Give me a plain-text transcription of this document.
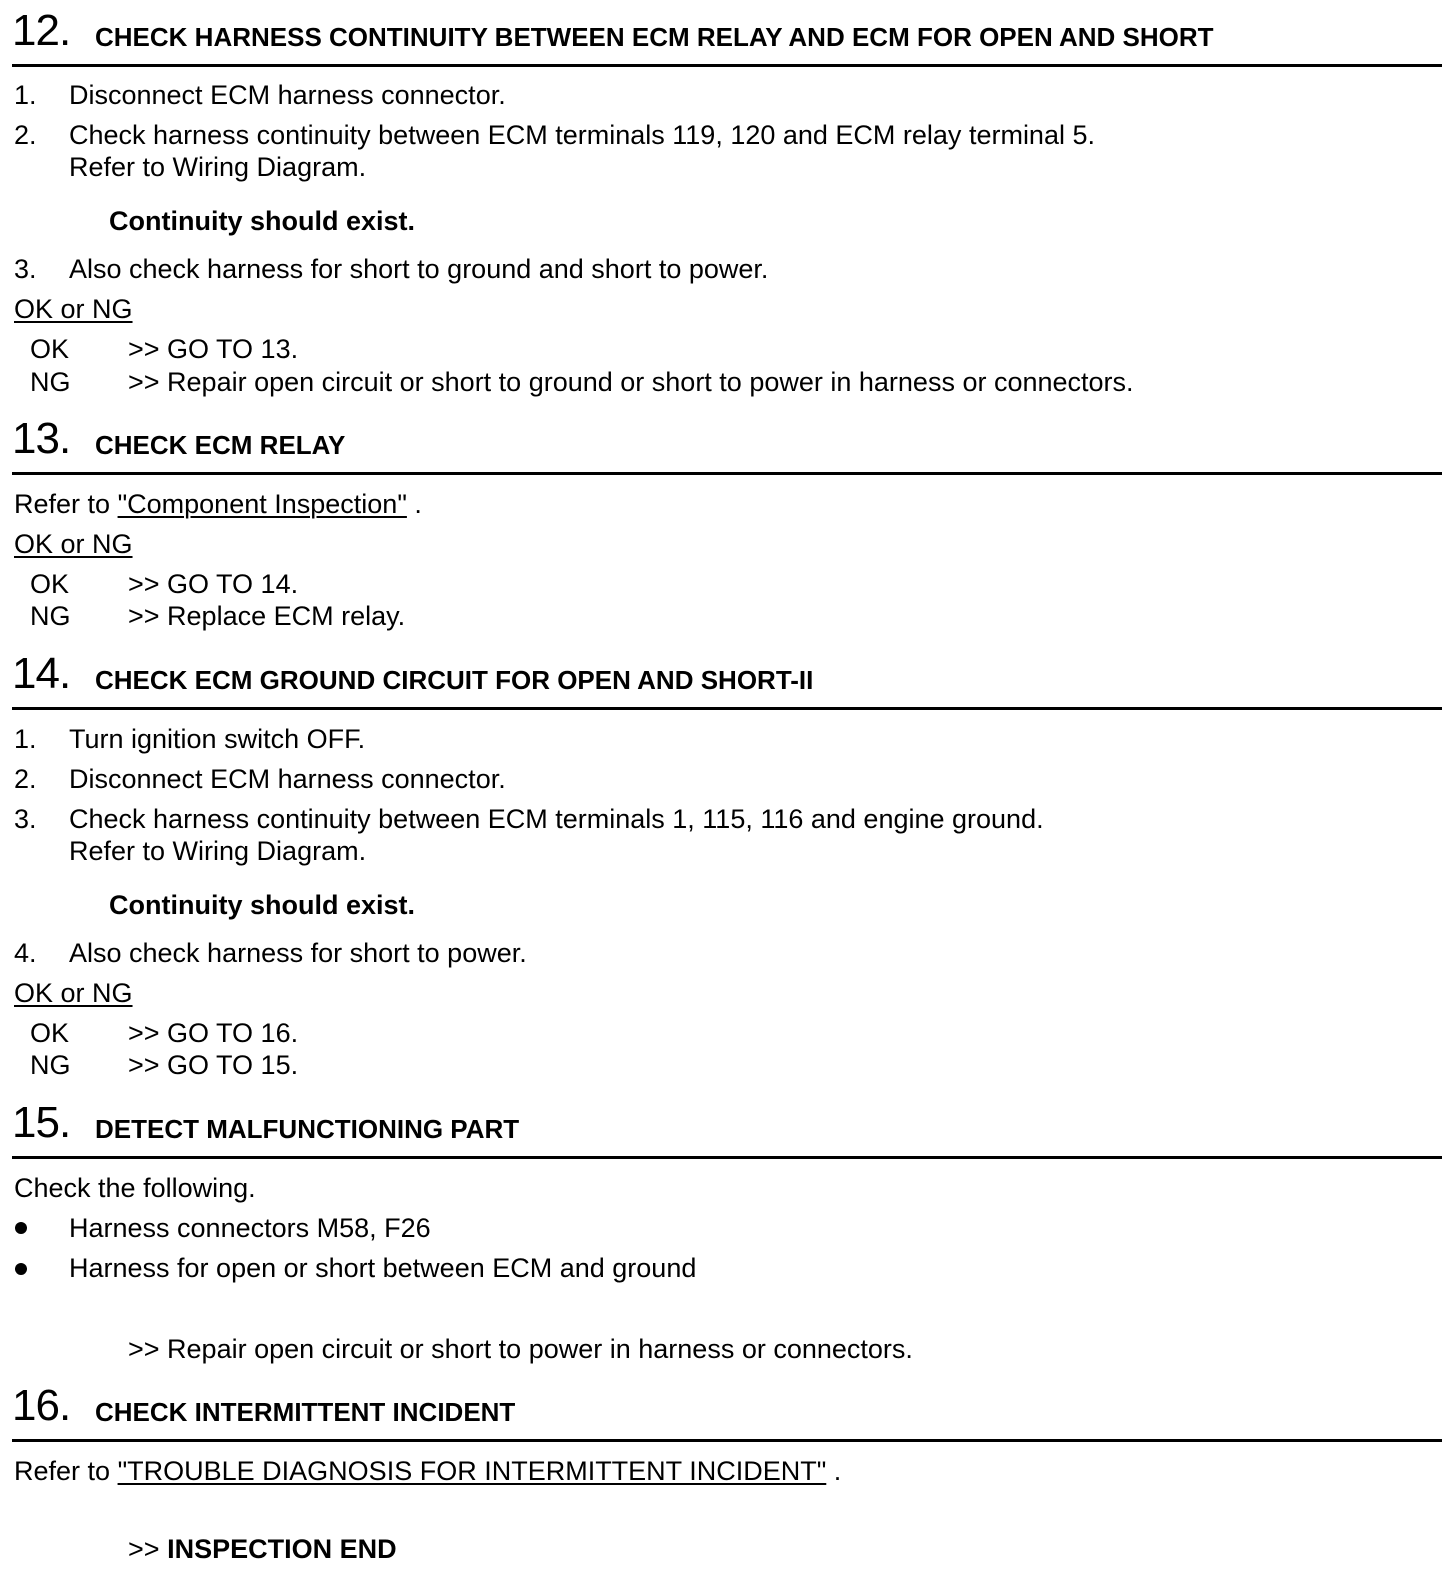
12. CHECK HARNESS CONTINUITY BETWEEN ECM RELAY AND ECM FOR OPEN AND SHORT
1. Disconnect ECM harness connector.
2. Check harness continuity between ECM terminals 119, 120 and ECM relay terminal 5.
Refer to Wiring Diagram.
Continuity should exist.
3. Also check harness for short to ground and short to power.
OK or NG
OK >> GO TO 13.
NG >> Repair open circuit or short to ground or short to power in harness or connectors.
13. CHECK ECM RELAY
Refer to "Component Inspection" .
OK or NG
OK >> GO TO 14.
NG >> Replace ECM relay.
14. CHECK ECM GROUND CIRCUIT FOR OPEN AND SHORT-II
1. Turn ignition switch OFF.
2. Disconnect ECM harness connector.
3. Check harness continuity between ECM terminals 1, 115, 116 and engine ground.
Refer to Wiring Diagram.
Continuity should exist.
4. Also check harness for short to power.
OK or NG
OK >> GO TO 16.
NG >> GO TO 15.
15. DETECT MALFUNCTIONING PART
Check the following.
Harness connectors M58, F26
Harness for open or short between ECM and ground
>> Repair open circuit or short to power in harness or connectors.
16. CHECK INTERMITTENT INCIDENT
Refer to "TROUBLE DIAGNOSIS FOR INTERMITTENT INCIDENT" .
>> INSPECTION END
